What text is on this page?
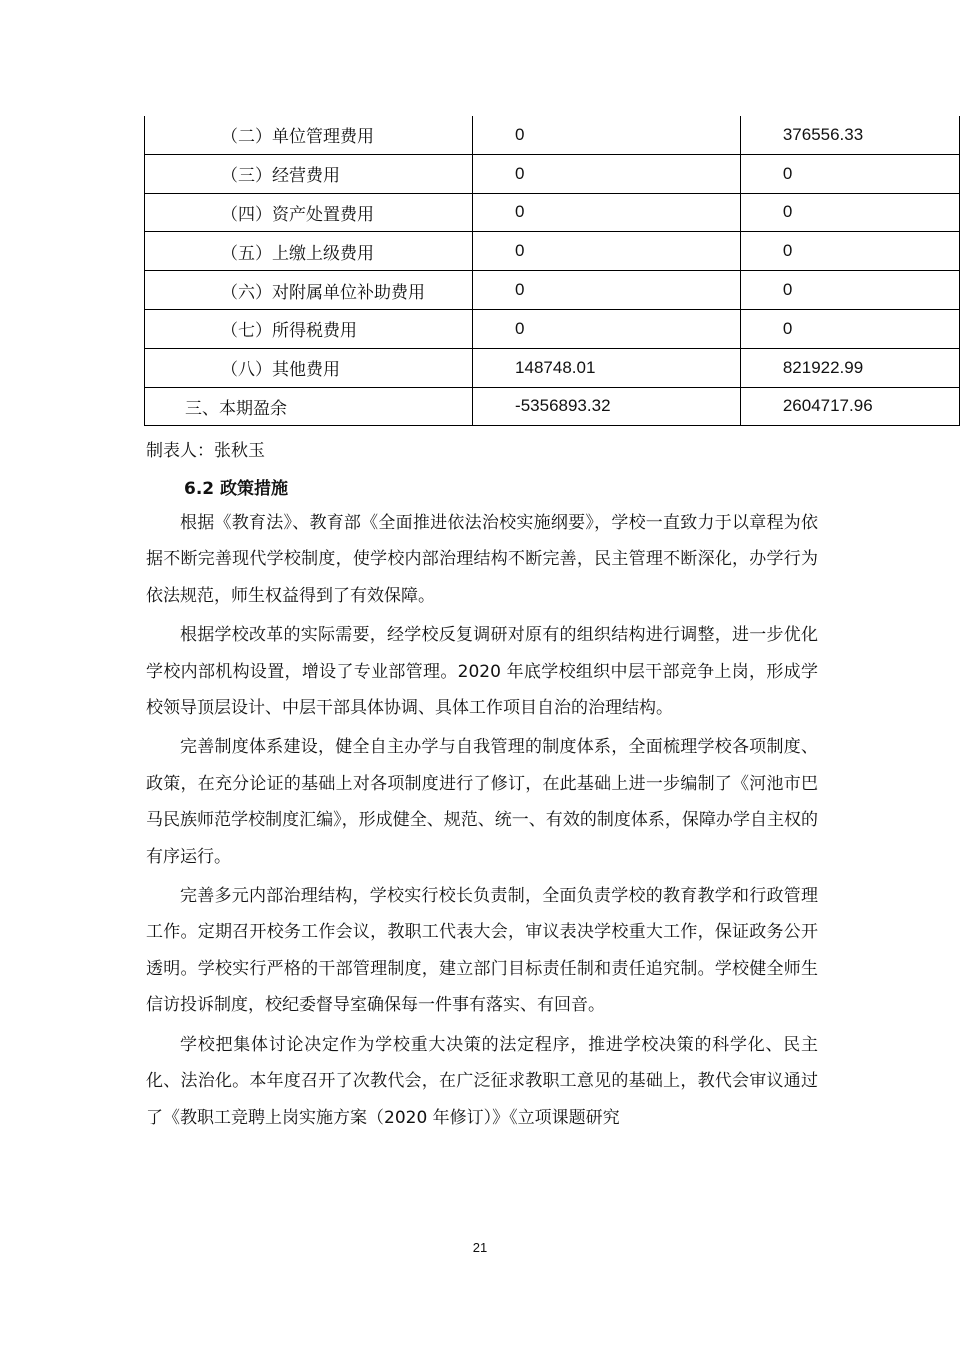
（二）单位管理费用	0	376556.33
（三）经营费用	0	0
（四）资产处置费用	0	0
（五）上缴上级费用	0	0
（六）对附属单位补助费用	0	0
（七）所得税费用	0	0
（八）其他费用	148748.01	821922.99
三、本期盈余	-5356893.32	2604717.96
制表人：张秋玉
6.2 政策措施

根据《教育法》、教育部《全面推进依法治校实施纲要》，学校一直致力于以章程为依据不断完善现代学校制度，使学校内部治理结构不断完善，民主管理不断深化，办学行为依法规范，师生权益得到了有效保障。

根据学校改革的实际需要，经学校反复调研对原有的组织结构进行调整，进一步优化学校内部机构设置，增设了专业部管理。2020 年底学校组织中层干部竞争上岗，形成学校领导顶层设计、中层干部具体协调、具体工作项目自治的治理结构。

完善制度体系建设，健全自主办学与自我管理的制度体系，全面梳理学校各项制度、政策，在充分论证的基础上对各项制度进行了修订，在此基础上进一步编制了《河池市巴马民族师范学校制度汇编》，形成健全、规范、统一、有效的制度体系，保障办学自主权的有序运行。

完善多元内部治理结构，学校实行校长负责制，全面负责学校的教育教学和行政管理工作。定期召开校务工作会议，教职工代表大会，审议表决学校重大工作，保证政务公开透明。学校实行严格的干部管理制度，建立部门目标责任制和责任追究制。学校健全师生信访投诉制度，校纪委督导室确保每一件事有落实、有回音。

学校把集体讨论决定作为学校重大决策的法定程序，推进学校决策的科学化、民主化、法治化。本年度召开了次教代会，在广泛征求教职工意见的基础上，教代会审议通过了《教职工竞聘上岗实施方案（2020 年修订）》《立项课题研究

21
